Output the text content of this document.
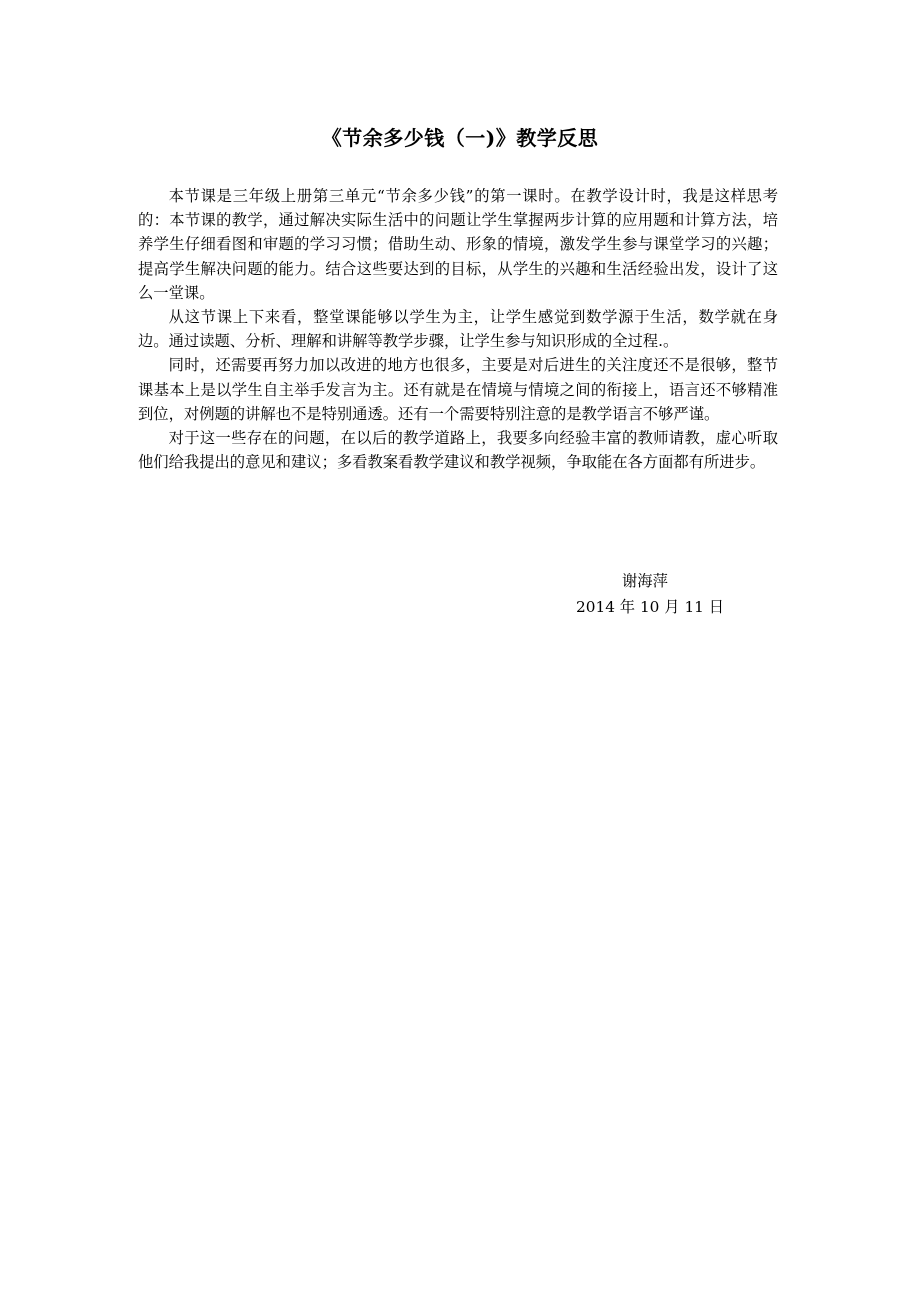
《节余多少钱（一)》教学反思

本节课是三年级上册第三单元“节余多少钱”的第一课时。在教学设计时，我是这样思考的：本节课的教学，通过解决实际生活中的问题让学生掌握两步计算的应用题和计算方法，培养学生仔细看图和审题的学习习惯；借助生动、形象的情境，激发学生参与课堂学习的兴趣；提高学生解决问题的能力。结合这些要达到的目标，从学生的兴趣和生活经验出发，设计了这么一堂课。

从这节课上下来看，整堂课能够以学生为主，让学生感觉到数学源于生活，数学就在身边。通过读题、分析、理解和讲解等教学步骤，让学生参与知识形成的全过程.。

同时，还需要再努力加以改进的地方也很多，主要是对后进生的关注度还不是很够，整节课基本上是以学生自主举手发言为主。还有就是在情境与情境之间的衔接上，语言还不够精准到位，对例题的讲解也不是特别通透。还有一个需要特别注意的是教学语言不够严谨。

对于这一些存在的问题，在以后的教学道路上，我要多向经验丰富的教师请教，虚心听取他们给我提出的意见和建议；多看教案看教学建议和教学视频，争取能在各方面都有所进步。

谢海萍
2014 年 10 月 11 日
